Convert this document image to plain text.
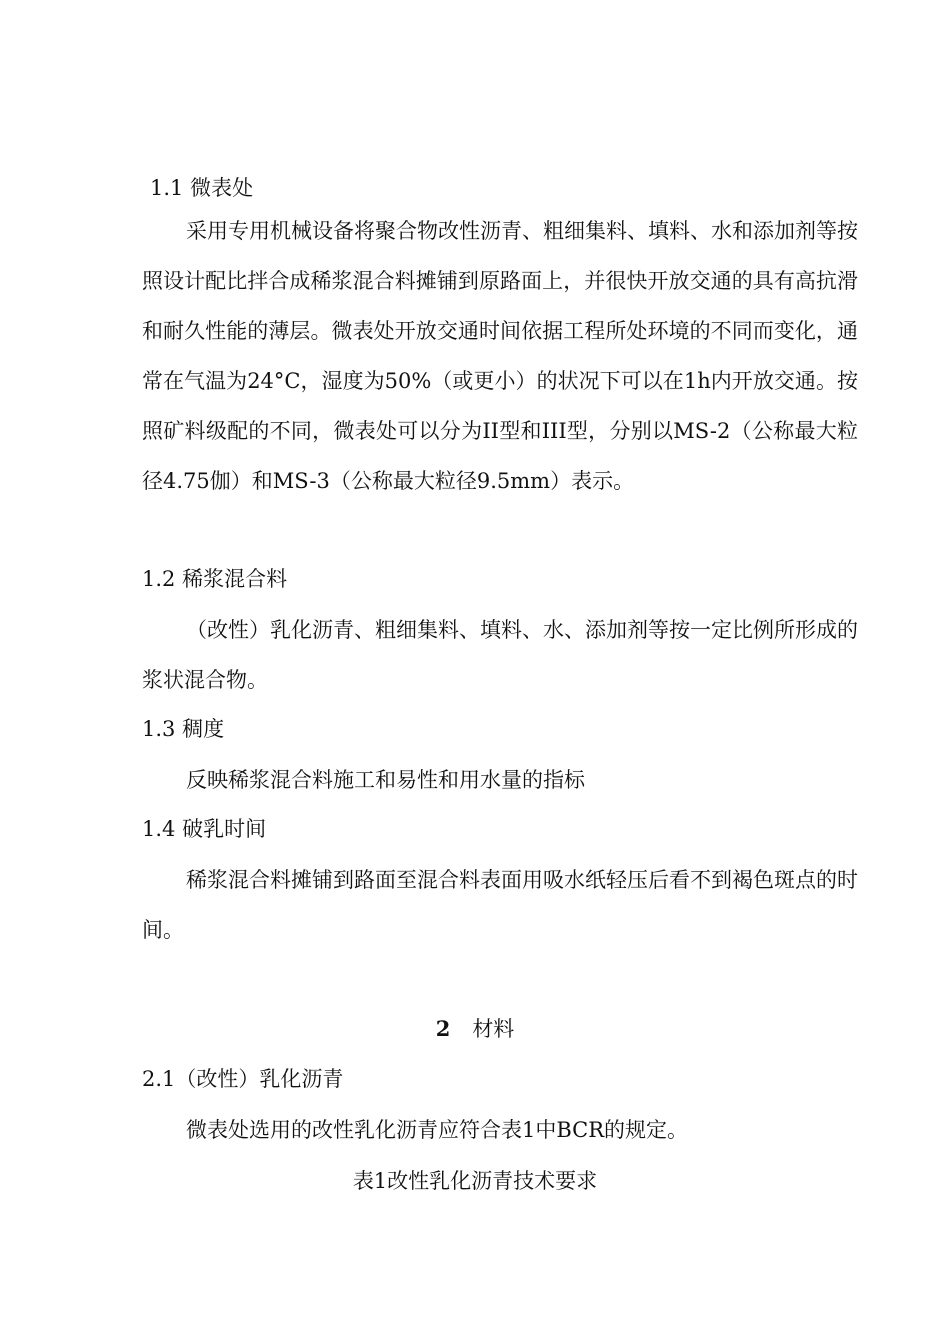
1.1 微表处
采用专用机械设备将聚合物改性沥青、粗细集料、填料、水和添加剂等按照设计配比拌合成稀浆混合料摊铺到原路面上，并很快开放交通的具有高抗滑和耐久性能的薄层。微表处开放交通时间依据工程所处环境的不同而变化，通常在气温为24°C，湿度为50%（或更小）的状况下可以在1h内开放交通。按照矿料级配的不同，微表处可以分为II型和III型，分别以MS-2（公称最大粒径4.75伽）和MS-3（公称最大粒径9.5mm）表示。
1.2 稀浆混合料
（改性）乳化沥青、粗细集料、填料、水、添加剂等按一定比例所形成的浆状混合物。
1.3 稠度
反映稀浆混合料施工和易性和用水量的指标
1.4 破乳时间
稀浆混合料摊铺到路面至混合料表面用吸水纸轻压后看不到褐色斑点的时间。
2 材料
2.1（改性）乳化沥青
微表处选用的改性乳化沥青应符合表1中BCR的规定。
表1改性乳化沥青技术要求
